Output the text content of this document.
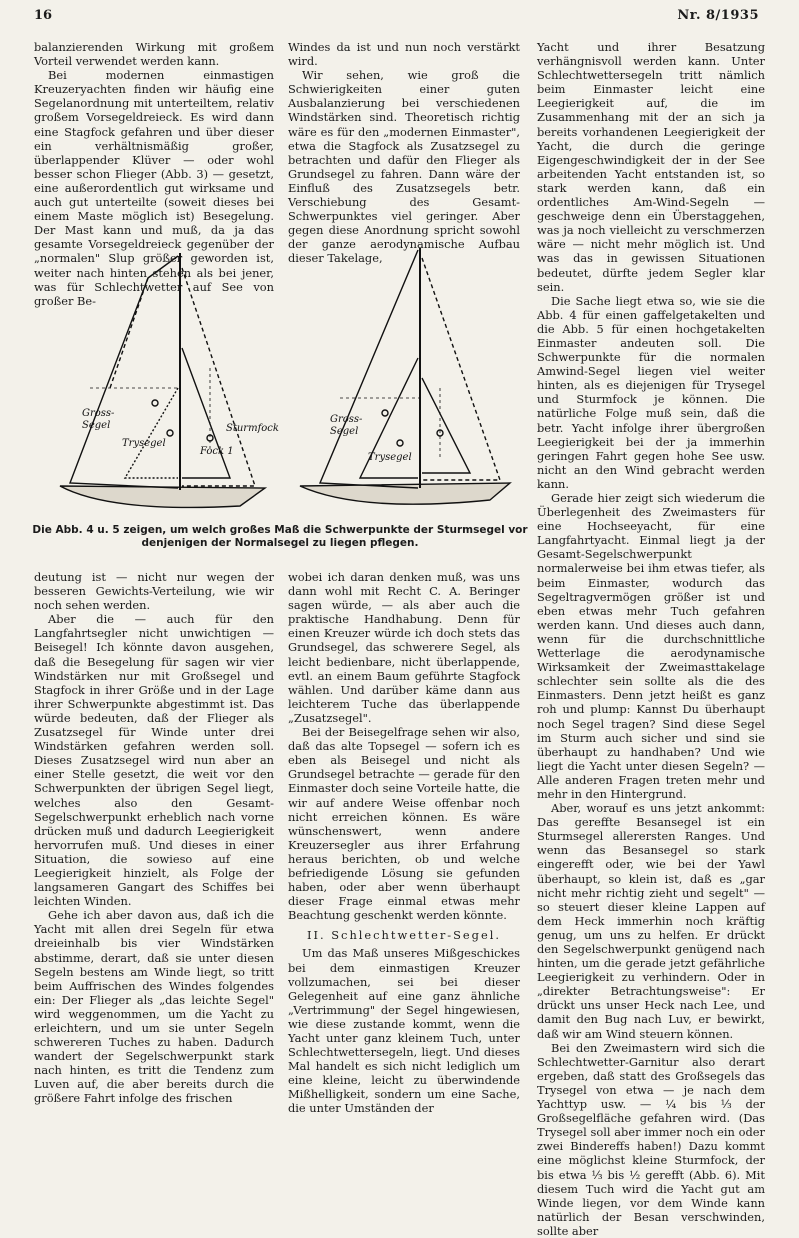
16	Nr. 8/1935

balanzierenden Wirkung mit großem Vorteil verwendet werden kann.

Bei modernen einmastigen Kreuzeryachten finden wir häufig eine Segelanordnung mit unterteiltem, relativ großem Vorsegeldreieck. Es wird dann eine Stagfock gefahren und über dieser ein verhältnismäßig großer, überlappender Klüver — oder wohl besser schon Flieger (Abb. 3) — gesetzt, eine außerordentlich gut wirksame und auch gut unterteilte (soweit dieses bei einem Maste möglich ist) Besegelung. Der Mast kann und muß, da ja das gesamte Vorsegeldreieck gegenüber der „normalen" Slup größer geworden ist, weiter nach hinten stehen als bei jener, was für Schlechtwetter auf See von großer Be-

Windes da ist und nun noch verstärkt wird.

Wir sehen, wie groß die Schwierigkeiten einer guten Ausbalanzierung bei verschiedenen Windstärken sind. Theoretisch richtig wäre es für den „modernen Einmaster", etwa die Stagfock als Zusatzsegel zu betrachten und dafür den Flieger als Grundsegel zu fahren. Dann wäre der Einfluß des Zusatzsegels betr. Verschiebung des Gesamt-Schwerpunktes viel geringer. Aber gegen diese Anordnung spricht sowohl der ganze aerodynamische Aufbau dieser Takelage,

Yacht und ihrer Besatzung verhängnisvoll werden kann. Unter Schlechtwettersegeln tritt nämlich beim Einmaster leicht eine Leegierigkeit auf, die im Zusammenhang mit der an sich ja bereits vorhandenen Leegierigkeit der Yacht, die durch die geringe Eigengeschwindigkeit der in der See arbeitenden Yacht entstanden ist, so stark werden kann, daß ein ordentliches Am-Wind-Segeln — geschweige denn ein Überstaggehen, was ja noch vielleicht zu verschmerzen wäre — nicht mehr möglich ist. Und was das in gewissen Situationen bedeutet, dürfte jedem Segler klar sein.

Die Sache liegt etwa so, wie sie die Abb. 4 für einen gaffelgetakelten und die Abb. 5 für einen hochgetakelten Einmaster andeuten soll. Die Schwerpunkte für die normalen Amwind-Segel liegen viel weiter hinten, als es diejenigen für Trysegel und Sturmfock je können. Die natürliche Folge muß sein, daß die betr. Yacht infolge ihrer übergroßen Leegierigkeit bei der ja immerhin geringen Fahrt gegen hohe See usw. nicht an den Wind gebracht werden kann.

Gerade hier zeigt sich wiederum die Überlegenheit des Zweimasters für eine Hochseeyacht, für eine Langfahrtyacht. Einmal liegt ja der Gesamt-Segelschwerpunkt normalerweise bei ihm etwas tiefer, als beim Einmaster, wodurch das Segeltragvermögen größer ist und eben etwas mehr Tuch gefahren werden kann. Und dieses auch dann, wenn für die durchschnittliche Wetterlage die aerodynamische Wirksamkeit der Zweimasttakelage schlechter sein sollte als die des Einmasters. Denn jetzt heißt es ganz roh und plump: Kannst Du überhaupt noch Segel tragen? Sind diese Segel im Sturm auch sicher und sind sie überhaupt zu handhaben? Und wie liegt die Yacht unter diesen Segeln? — Alle anderen Fragen treten mehr und mehr in den Hintergrund.

Aber, worauf es uns jetzt ankommt: Das gereffte Besansegel ist ein Sturmsegel allerersten Ranges. Und wenn das Besansegel so stark eingerefft oder, wie bei der Yawl überhaupt, so klein ist, daß es „gar nicht mehr richtig zieht und segelt" — so steuert dieser kleine Lappen auf dem Heck immerhin noch kräftig genug, um uns zu helfen. Er drückt den Segelschwerpunkt genügend nach hinten, um die gerade jetzt gefährliche Leegierigkeit zu verhindern. Oder in „direkter Betrachtungsweise": Er drückt uns unser Heck nach Lee, und damit den Bug nach Luv, er bewirkt, daß wir am Wind steuern können.

Bei den Zweimastern wird sich die Schlechtwetter-Garnitur also derart ergeben, daß statt des Großsegels das Trysegel von etwa — je nach dem Yachttyp usw. — ¼ bis ⅓ der Großsegelfläche gefahren wird. (Das Trysegel soll aber immer noch ein oder zwei Bindereffs haben!) Dazu kommt eine möglichst kleine Sturmfock, der bis etwa ⅓ bis ½ gerefft (Abb. 6). Mit diesem Tuch wird die Yacht gut am Winde liegen, vor dem Winde kann natürlich der Besan verschwinden, sollte aber

Gross-
Segel
Trysegel
Sturmfock
Fock 1
Gross-
Segel
Trysegel
Die Abb. 4 u. 5 zeigen, um welch großes Maß die Schwerpunkte der Sturmsegel vor denjenigen der Normalsegel zu liegen pflegen.

deutung ist — nicht nur wegen der besseren Gewichts-Verteilung, wie wir noch sehen werden.

Aber die — auch für den Langfahrtsegler nicht unwichtigen — Beisegel! Ich könnte davon ausgehen, daß die Besegelung für sagen wir vier Windstärken nur mit Großsegel und Stagfock in ihrer Größe und in der Lage ihrer Schwerpunkte abgestimmt ist. Das würde bedeuten, daß der Flieger als Zusatzsegel für Winde unter drei Windstärken gefahren werden soll. Dieses Zusatzsegel wird nun aber an einer Stelle gesetzt, die weit vor den Schwerpunkten der übrigen Segel liegt, welches also den Gesamt-Segelschwerpunkt erheblich nach vorne drücken muß und dadurch Leegierigkeit hervorrufen muß. Und dieses in einer Situation, die sowieso auf eine Leegierigkeit hinzielt, als Folge der langsameren Gangart des Schiffes bei leichten Winden.

Gehe ich aber davon aus, daß ich die Yacht mit allen drei Segeln für etwa dreieinhalb bis vier Windstärken abstimme, derart, daß sie unter diesen Segeln bestens am Winde liegt, so tritt beim Auffrischen des Windes folgendes ein: Der Flieger als „das leichte Segel" wird weggenommen, um die Yacht zu erleichtern, und um sie unter Segeln schwereren Tuches zu haben. Dadurch wandert der Segelschwerpunkt stark nach hinten, es tritt die Tendenz zum Luven auf, die aber bereits durch die größere Fahrt infolge des frischen

wobei ich daran denken muß, was uns dann wohl mit Recht C. A. Beringer sagen würde, — als aber auch die praktische Handhabung. Denn für einen Kreuzer würde ich doch stets das Grundsegel, das schwerere Segel, als leicht bedienbare, nicht überlappende, evtl. an einem Baum geführte Stagfock wählen. Und darüber käme dann aus leichterem Tuche das überlappende „Zusatzsegel".

Bei der Beisegelfrage sehen wir also, daß das alte Topsegel — sofern ich es eben als Beisegel und nicht als Grundsegel betrachte — gerade für den Einmaster doch seine Vorteile hatte, die wir auf andere Weise offenbar noch nicht erreichen können. Es wäre wünschenswert, wenn andere Kreuzersegler aus ihrer Erfahrung heraus berichten, ob und welche befriedigende Lösung sie gefunden haben, oder aber wenn überhaupt dieser Frage einmal etwas mehr Beachtung geschenkt werden könnte.

II. Schlechtwetter-Segel.

Um das Maß unseres Mißgeschickes bei dem einmastigen Kreuzer vollzumachen, sei bei dieser Gelegenheit auf eine ganz ähnliche „Vertrimmung" der Segel hingewiesen, wie diese zustande kommt, wenn die Yacht unter ganz kleinem Tuch, unter Schlechtwettersegeln, liegt. Und dieses Mal handelt es sich nicht lediglich um eine kleine, leicht zu überwindende Mißhelligkeit, sondern um eine Sache, die unter Umständen der
